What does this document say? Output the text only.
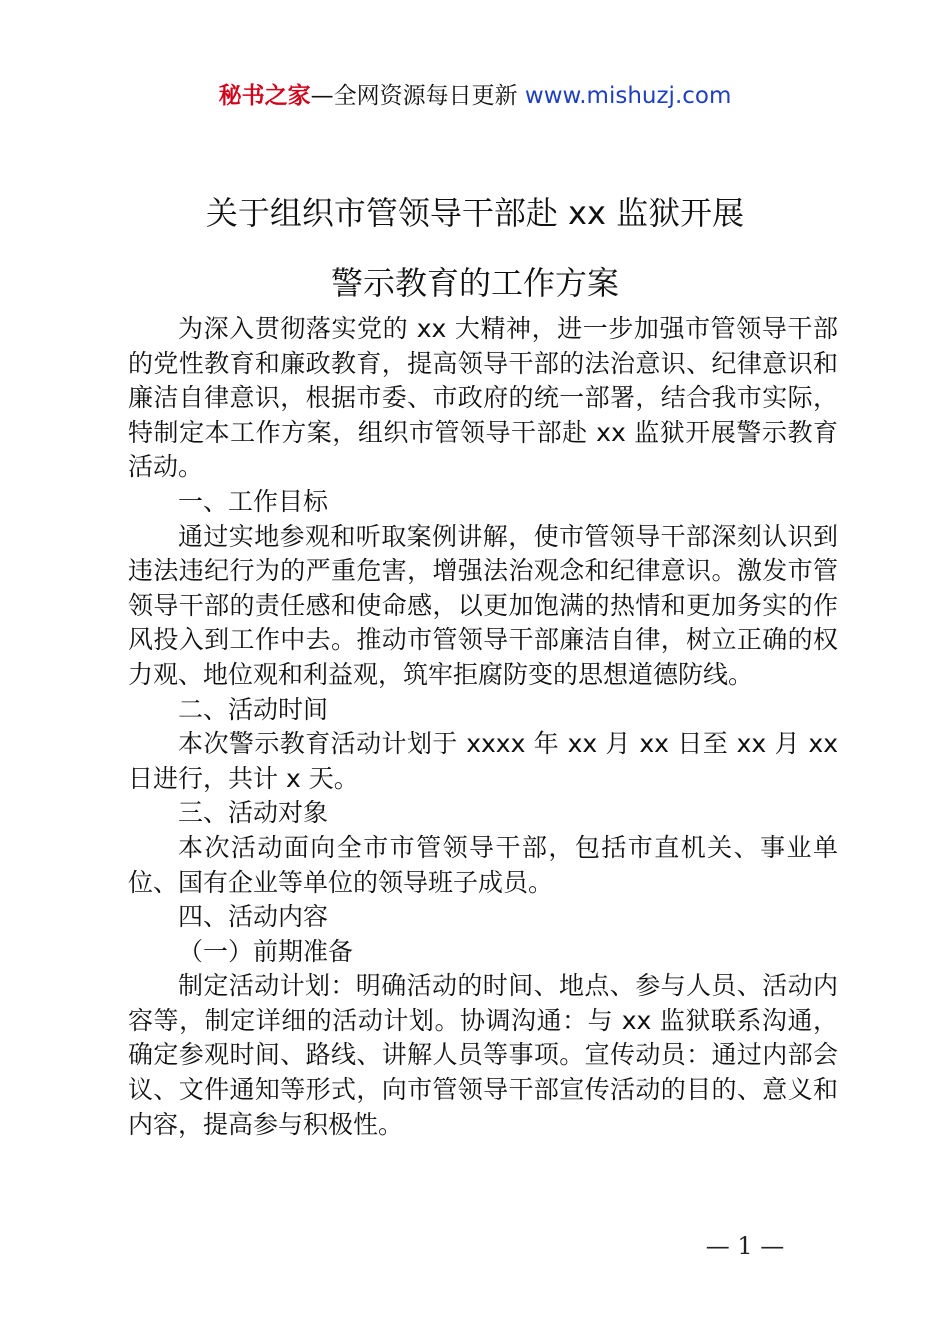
秘书之家—全网资源每日更新 www.mishuzj.com
关于组织市管领导干部赴 xx 监狱开展
警示教育的工作方案

为深入贯彻落实党的 xx 大精神，进一步加强市管领导干部的党性教育和廉政教育，提高领导干部的法治意识、纪律意识和廉洁自律意识，根据市委、市政府的统一部署，结合我市实际，特制定本工作方案，组织市管领导干部赴 xx 监狱开展警示教育活动。

一、工作目标

通过实地参观和听取案例讲解，使市管领导干部深刻认识到违法违纪行为的严重危害，增强法治观念和纪律意识。激发市管领导干部的责任感和使命感，以更加饱满的热情和更加务实的作风投入到工作中去。推动市管领导干部廉洁自律，树立正确的权力观、地位观和利益观，筑牢拒腐防变的思想道德防线。

二、活动时间

本次警示教育活动计划于 xxxx 年 xx 月 xx 日至 xx 月 xx 日进行，共计 x 天。

三、活动对象

本次活动面向全市市管领导干部，包括市直机关、事业单位、国有企业等单位的领导班子成员。

四、活动内容

（一）前期准备

制定活动计划：明确活动的时间、地点、参与人员、活动内容等，制定详细的活动计划。协调沟通：与 xx 监狱联系沟通，确定参观时间、路线、讲解人员等事项。宣传动员：通过内部会议、文件通知等形式，向市管领导干部宣传活动的目的、意义和内容，提高参与积极性。

— 1 —
